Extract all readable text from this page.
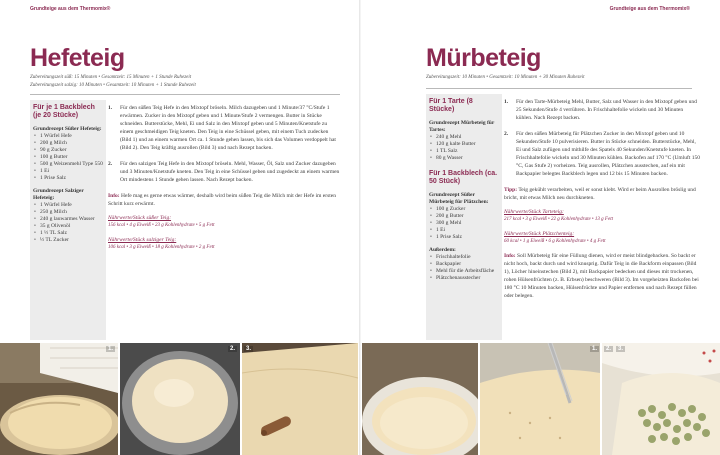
Grundteige aus dem Thermomix®
Hefeteig
Zubereitungszeit süß: 15 Minuten • Gesamtzeit: 15 Minuten + 1 Stunde Ruhezeit
Zubereitungszeit salzig: 10 Minuten • Gesamtzeit: 10 Minuten + 1 Stunde Ruhezeit
Für je 1 Backblech (je 20 Stücke)
Grundrezept Süßer Hefeteig:
• 1 Würfel Hefe
• 200 g Milch
• 90 g Zucker
• 100 g Butter
• 500 g Weizenmehl Type 550
• 1 Ei
• 1 Prise Salz
Grundrezept Salziger Hefeteig:
• 1 Würfel Hefe
• 250 g Milch
• 240 g lauwarmes Wasser
• 35 g Olivenöl
• 1 ½ TL Salz
• ½ TL Zucker
1. Für den süßen Teig Hefe in den Mixtopf bröseln. Milch dazugeben und 1 Minute/37 °C/Stufe 1 erwärmen. Zucker in den Mixtopf geben und 1 Minute/Stufe 2 vermengen. Butter in Stücke schneiden. Butterstücke, Mehl, Ei und Salz in den Mixtopf geben und 5 Minuten/Knetstufe zu einem geschmeidigen Teig kneten. Den Teig in eine Schüssel geben, mit einem Tuch zudecken (Bild 1) und an einem warmen Ort ca. 1 Stunde gehen lassen, bis sich das Volumen verdoppelt hat (Bild 2). Den Teig kräftig ausrollen (Bild 3) und nach Rezept backen.
2. Für den salzigen Teig Hefe in den Mixtopf bröseln. Mehl, Wasser, Öl, Salz und Zucker dazugeben und 3 Minuten/Knetstufe kneten. Den Teig in eine Schüssel geben und zugedeckt an einem warmen Ort mindestens 1 Stunde gehen lassen. Nach Rezept backen.
Info: Hefe mag es gerne etwas wärmer, deshalb wird beim süßen Teig die Milch mit der Hefe im ersten Schritt kurz erwärmt.
Nährwerte/Stück süßer Teig:
156 kcal • 4 g Eiweiß • 23 g Kohlenhydrate • 5 g Fett
Nährwerte/Stück salziger Teig:
106 kcal • 3 g Eiweiß • 18 g Kohlenhydrate • 2 g Fett
Grundteige aus dem Thermomix®
Mürbeteig
Zubereitungszeit: 10 Minuten • Gesamtzeit: 10 Minuten + 30 Minuten Ruhezeit
Für 1 Tarte (8 Stücke)
Grundrezept Mürbeteig für Tartes:
• 240 g Mehl
• 120 g kalte Butter
• 1 TL Salz
• 80 g Wasser
Für 1 Backblech (ca. 50 Stück)
Grundrezept Süßer Mürbeteig für Plätzchen:
• 100 g Zucker
• 200 g Butter
• 300 g Mehl
• 1 Ei
• 1 Prise Salz
Außerdem:
• Frischhaltefolie
• Backpapier
• Mehl für die Arbeitsfläche
• Plätzchenausstecher
1. Für den Tarte-Mürbeteig Mehl, Butter, Salz und Wasser in den Mixtopf geben und 25 Sekunden/Stufe 4 verrühren. In Frischhaltefolie wickeln und 30 Minuten kühlen. Nach Rezept backen.
2. Für den süßen Mürbeteig für Plätzchen Zucker in den Mixtopf geben und 10 Sekunden/Stufe 10 pulverisieren. Butter in Stücke schneiden. Butterstücke, Mehl, Ei und Salz zufügen und mithilfe des Spatels 40 Sekunden/Knetstufe kneten. In Frischhaltefolie wickeln und 30 Minuten kühlen. Backofen auf 170 °C (Umluft 150 °C, Gas Stufe 2) vorheizen. Teig ausrollen, Plätzchen ausstechen, auf ein mit Backpapier belegtes Backblech legen und 12 bis 15 Minuten backen.
Tipp: Teig gekühlt verarbeiten, weil er sonst klebt. Wird er beim Ausrollen bröslig und bricht, mit etwas Milch neu durchkneten.
Nährwerte/Stück Tarteteig:
217 kcal • 3 g Eiweiß • 22 g Kohlenhydrate • 13 g Fett
Nährwerte/Stück Plätzchenteig:
60 kcal • 1 g Eiweiß • 6 g Kohlenhydrate • 4 g Fett
Info: Soll Mürbeteig für eine Füllung dienen, wird er meist blindgebacken. So backt er nicht hoch, backt durch und wird knusprig. Dafür Teig in die Backform einpassen (Bild 1), Löcher hineinstechen (Bild 2), mit Backpapier bedecken und dieses mit trockenen, rohen Hülsenfrüchten (z. B. Erbsen) beschweren (Bild 3). Im vorgeheizten Backofen bei 180 °C 10 Minuten backen, Hülsenfrüchte und Papier entfernen und nach Rezept füllen oder belegen.
1.	2.	3.	1.	2.	3.
